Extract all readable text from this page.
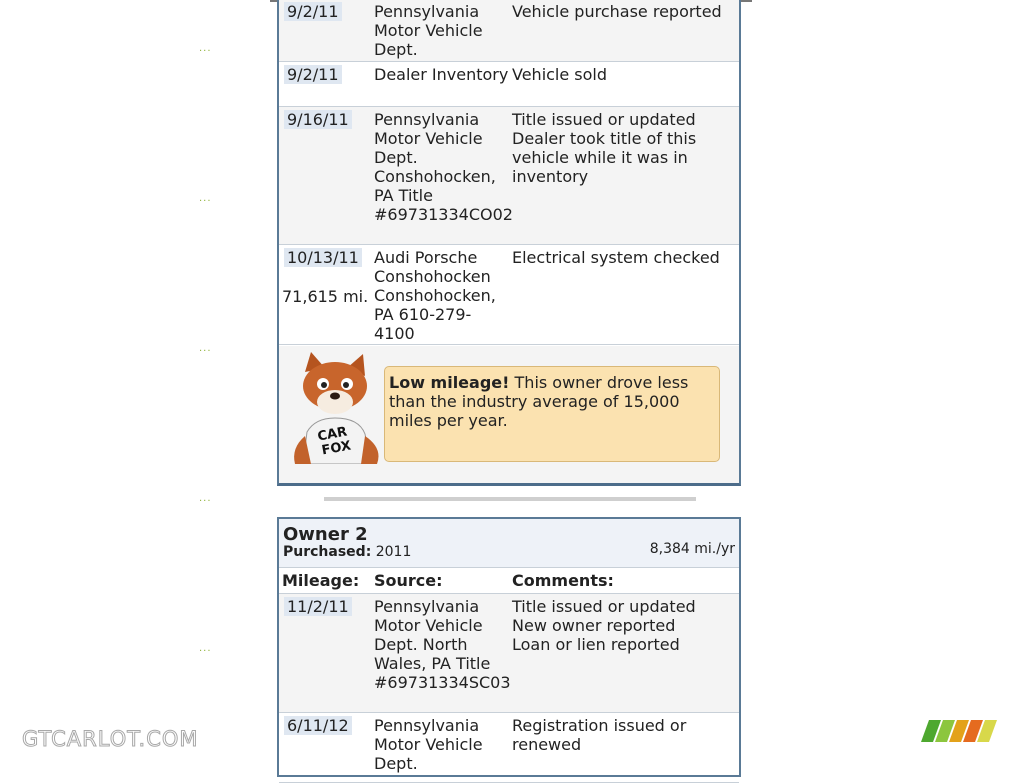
...
...
...
...
...
9/2/11 Pennsylvania Motor Vehicle Dept.
Vehicle purchase reported
9/2/11 Dealer Inventory Vehicle sold
9/16/11 Pennsylvania Motor Vehicle Dept. Conshohocken, PA Title #69731334CO02
Title issued or updated
Dealer took title of this vehicle while it was in inventory
10/13/11
71,615 mi.
Audi Porsche Conshohocken Conshohocken, PA 610-279-4100
Electrical system checked
CAR
FOX
Low mileage! This owner drove less than the industry average of 15,000 miles per year.
Owner 2
Purchased: 2011	8,384 mi./yr
Mileage: Source:	Comments:
11/2/11 Pennsylvania Motor Vehicle Dept. North Wales, PA Title #69731334SC03
Title issued or updated
New owner reported
Loan or lien reported
6/11/12 Pennsylvania Motor Vehicle Dept.
Registration issued or renewed
GTCARLOT.COM
